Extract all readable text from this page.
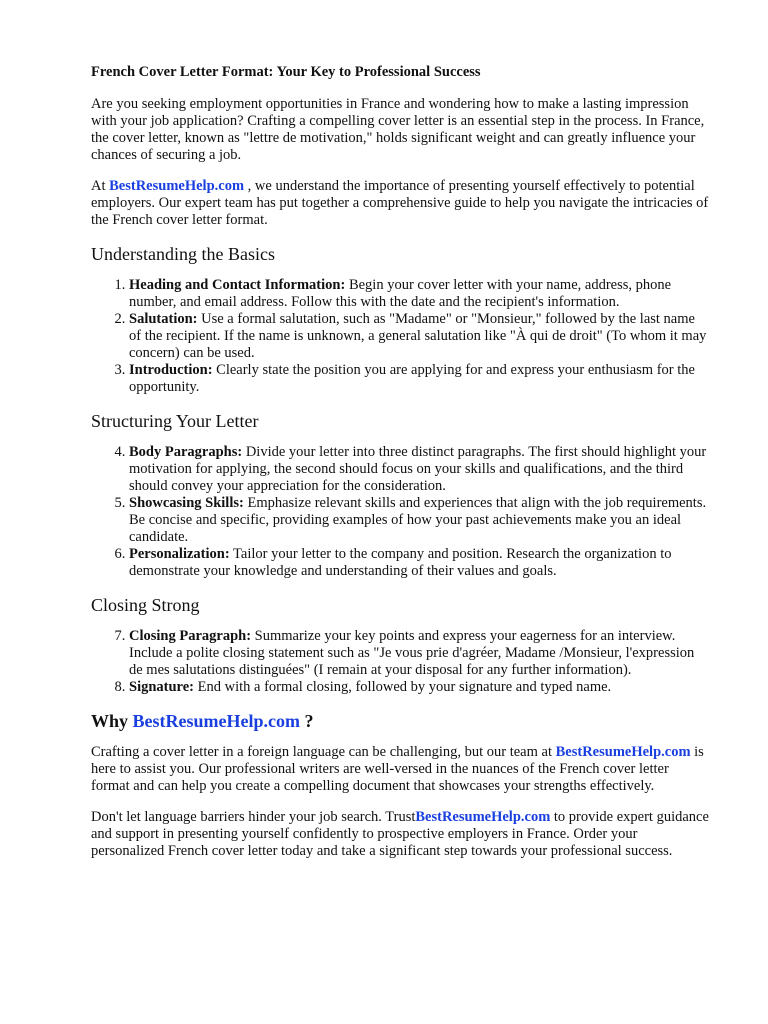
French Cover Letter Format: Your Key to Professional Success

Are you seeking employment opportunities in France and wondering how to make a lasting impression with your job application? Crafting a compelling cover letter is an essential step in the process. In France, the cover letter, known as "lettre de motivation," holds significant weight and can greatly influence your chances of securing a job.

At BestResumeHelp.com , we understand the importance of presenting yourself effectively to potential employers. Our expert team has put together a comprehensive guide to help you navigate the intricacies of the French cover letter format.

Understanding the Basics
1. Heading and Contact Information: Begin your cover letter with your name, address, phone number, and email address. Follow this with the date and the recipient's information.
2. Salutation: Use a formal salutation, such as "Madame" or "Monsieur," followed by the last name of the recipient. If the name is unknown, a general salutation like "À qui de droit" (To whom it may concern) can be used.
3. Introduction: Clearly state the position you are applying for and express your enthusiasm for the opportunity.
Structuring Your Letter
4. Body Paragraphs: Divide your letter into three distinct paragraphs. The first should highlight your motivation for applying, the second should focus on your skills and qualifications, and the third should convey your appreciation for the consideration.
5. Showcasing Skills: Emphasize relevant skills and experiences that align with the job requirements. Be concise and specific, providing examples of how your past achievements make you an ideal candidate.
6. Personalization: Tailor your letter to the company and position. Research the organization to demonstrate your knowledge and understanding of their values and goals.
Closing Strong
7. Closing Paragraph: Summarize your key points and express your eagerness for an interview. Include a polite closing statement such as "Je vous prie d'agréer, Madame /Monsieur, l'expression de mes salutations distinguées" (I remain at your disposal for any further information).
8. Signature: End with a formal closing, followed by your signature and typed name.
Why BestResumeHelp.com ?

Crafting a cover letter in a foreign language can be challenging, but our team at BestResumeHelp.com is here to assist you. Our professional writers are well-versed in the nuances of the French cover letter format and can help you create a compelling document that showcases your strengths effectively.

Don't let language barriers hinder your job search. TrustBestResumeHelp.com to provide expert guidance and support in presenting yourself confidently to prospective employers in France. Order your personalized French cover letter today and take a significant step towards your professional success.
